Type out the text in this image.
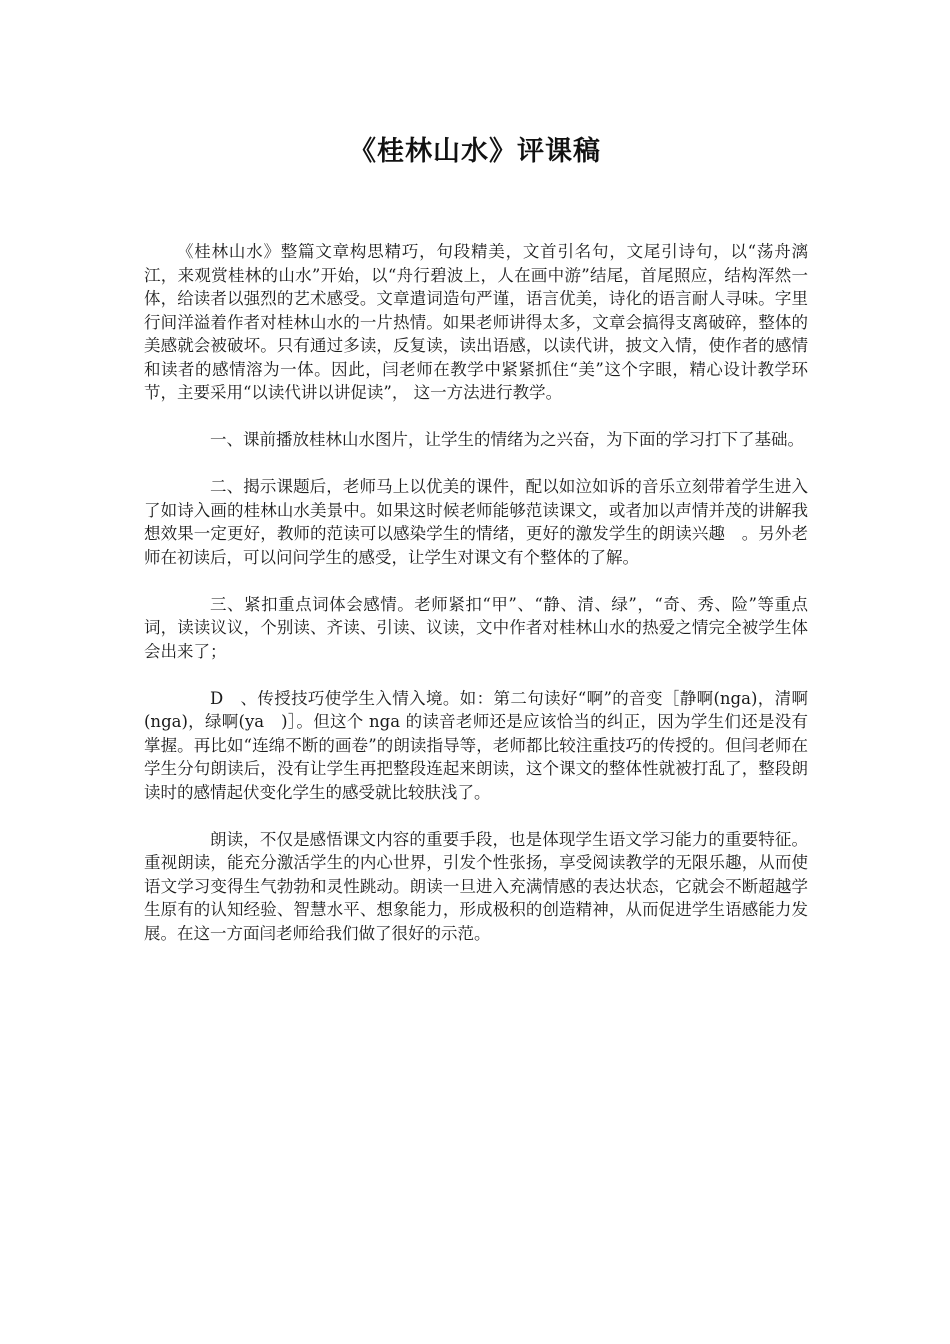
《桂林山水》评课稿

《桂林山水》整篇文章构思精巧，句段精美，文首引名句，文尾引诗句，以“荡舟漓江，来观赏桂林的山水”开始，以“舟行碧波上，人在画中游”结尾，首尾照应，结构浑然一体，给读者以强烈的艺术感受。文章遣词造句严谨，语言优美，诗化的语言耐人寻味。字里行间洋溢着作者对桂林山水的一片热情。如果老师讲得太多，文章会搞得支离破碎，整体的美感就会被破坏。只有通过多读，反复读，读出语感，以读代讲，披文入情，使作者的感情和读者的感情溶为一体。因此，闫老师在教学中紧紧抓住“美”这个字眼，精心设计教学环节，主要采用“以读代讲以讲促读”， 这一方法进行教学。

一、课前播放桂林山水图片，让学生的情绪为之兴奋，为下面的学习打下了基础。

二、揭示课题后，老师马上以优美的课件，配以如泣如诉的音乐立刻带着学生进入了如诗入画的桂林山水美景中。如果这时候老师能够范读课文，或者加以声情并茂的讲解我想效果一定更好，教师的范读可以感染学生的情绪，更好的激发学生的朗读兴趣　。另外老师在初读后，可以问问学生的感受，让学生对课文有个整体的了解。

三、紧扣重点词体会感情。老师紧扣“甲”、“静、清、绿”，“奇、秀、险”等重点词，读读议议，个别读、齐读、引读、议读，文中作者对桂林山水的热爱之情完全被学生体会出来了；

D　、传授技巧使学生入情入境。如：第二句读好“啊”的音变［静啊(nga)，清啊(nga)，绿啊(ya　)］。但这个 nga 的读音老师还是应该恰当的纠正，因为学生们还是没有掌握。再比如“连绵不断的画卷”的朗读指导等，老师都比较注重技巧的传授的。但闫老师在学生分句朗读后，没有让学生再把整段连起来朗读，这个课文的整体性就被打乱了，整段朗读时的感情起伏变化学生的感受就比较肤浅了。

朗读，不仅是感悟课文内容的重要手段，也是体现学生语文学习能力的重要特征。重视朗读，能充分激活学生的内心世界，引发个性张扬，享受阅读教学的无限乐趣，从而使语文学习变得生气勃勃和灵性跳动。朗读一旦进入充满情感的表达状态，它就会不断超越学生原有的认知经验、智慧水平、想象能力，形成极积的创造精神，从而促进学生语感能力发展。在这一方面闫老师给我们做了很好的示范。
